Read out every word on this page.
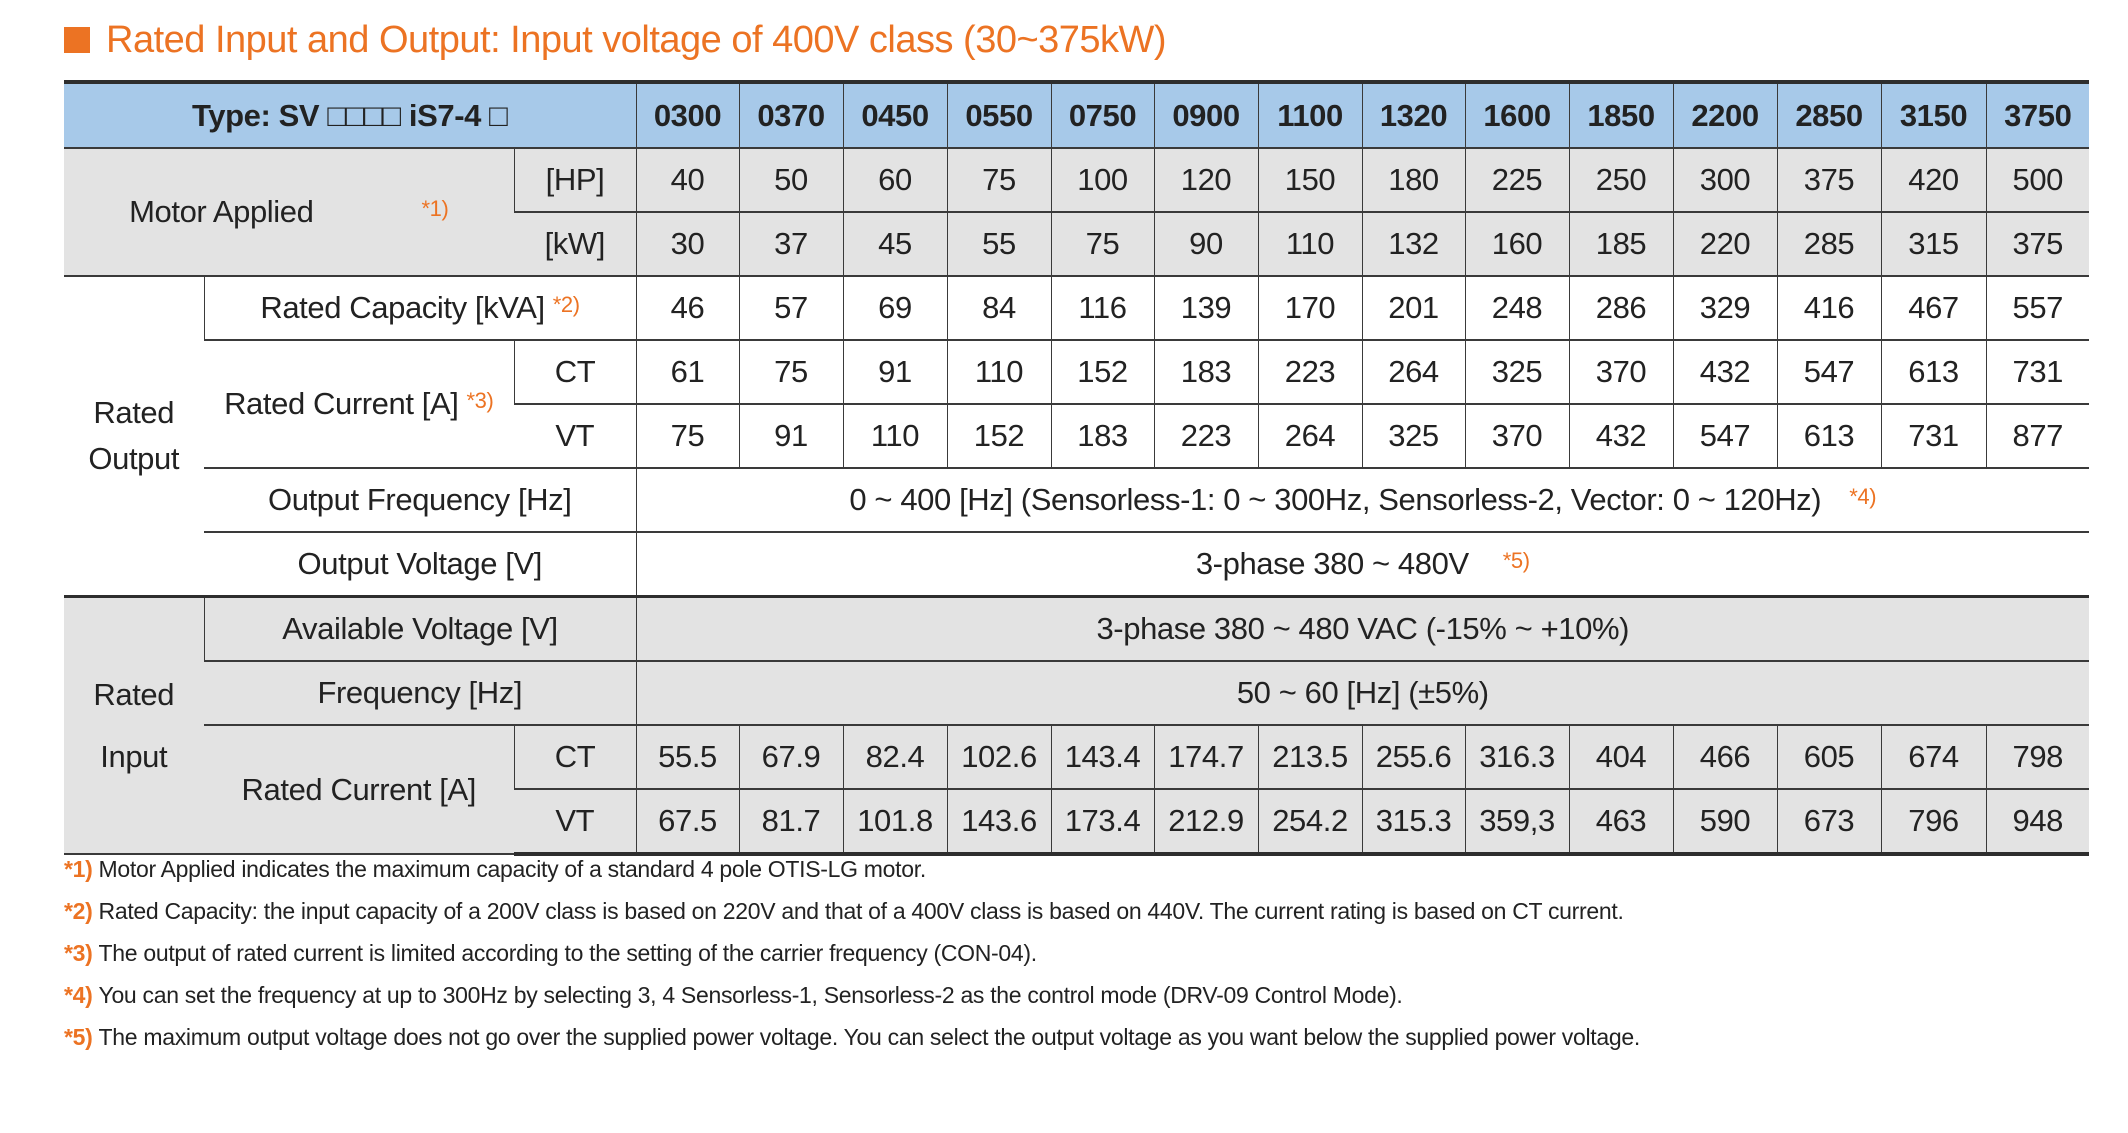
Rated Input and Output: Input voltage of 400V class (30~375kW)
Type: SV □□□□ iS7-4 □			0300	0370	0450	0550	0750	0900	1100	1320	1600	1850	2200	2850	3150	3750
Motor Applied *1)		[HP]	40	50	60	75	100	120	150	180	225	250	300	375	420	500
		[kW]	30	37	45	55	75	90	110	132	160	185	220	285	315	375

Rated
Output	Rated Capacity [kVA] *2)		46	57	69	84	116	139	170	201	248	286	329	416	467	557
	Rated Current [A] *3)	CT	61	75	91	110	152	183	223	264	325	370	432	547	613	731
		VT	75	91	110	152	183	223	264	325	370	432	547	613	731	877
	Output Frequency [Hz]		0 ~ 400 [Hz] (Sensorless-1: 0 ~ 300Hz, Sensorless-2, Vector: 0 ~ 120Hz) *4)													
	Output Voltage [V]		3-phase 380 ~ 480V *5)													

Rated
Input	Available Voltage [V]		3-phase 380 ~ 480 VAC (-15% ~ +10%)													
	Frequency [Hz]		50 ~ 60 [Hz] (±5%)													
	Rated Current [A]	CT	55.5	67.9	82.4	102.6	143.4	174.7	213.5	255.6	316.3	404	466	605	674	798
		VT	67.5	81.7	101.8	143.6	173.4	212.9	254.2	315.3	359,3	463	590	673	796	948
*1) Motor Applied indicates the maximum capacity of a standard 4 pole OTIS-LG motor.
*2) Rated Capacity: the input capacity of a 200V class is based on 220V and that of a 400V class is based on 440V. The current rating is based on CT current.
*3) The output of rated current is limited according to the setting of the carrier frequency (CON-04).
*4) You can set the frequency at up to 300Hz by selecting 3, 4 Sensorless-1, Sensorless-2 as the control mode (DRV-09 Control Mode).
*5) The maximum output voltage does not go over the supplied power voltage. You can select the output voltage as you want below the supplied power voltage.
